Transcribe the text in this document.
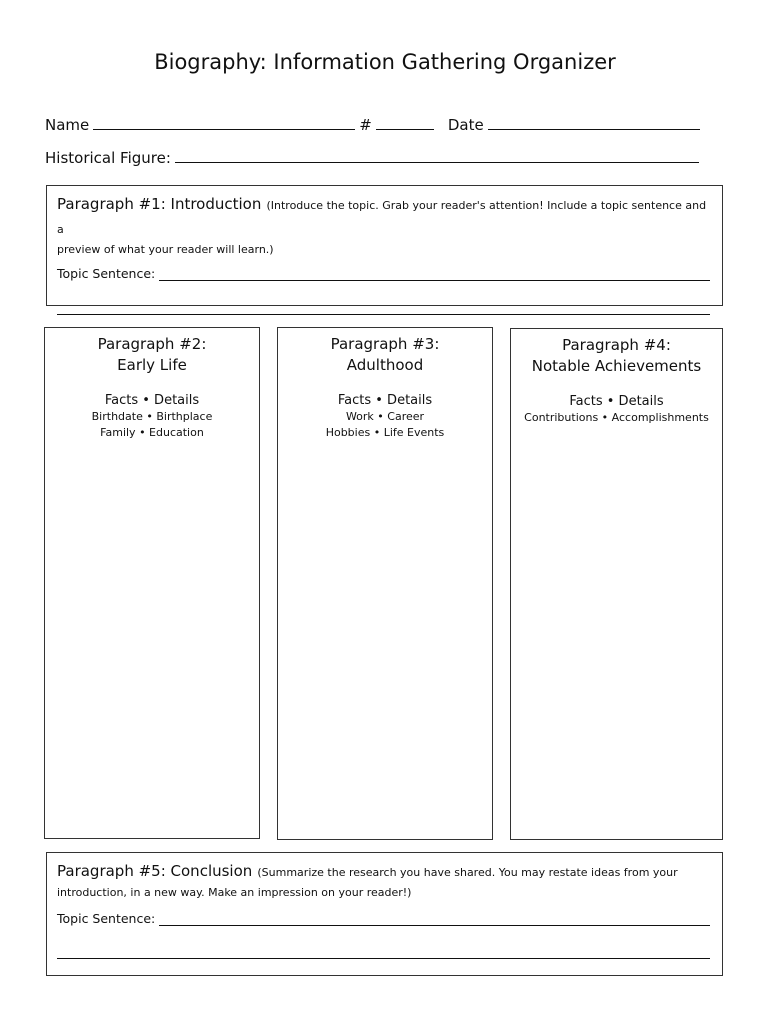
Biography: Information Gathering Organizer
Name	#	Date
Historical Figure:
Paragraph #1: Introduction (Introduce the topic. Grab your reader's attention! Include a topic sentence and a
preview of what your reader will learn.)
Topic Sentence:
Paragraph #2:
Early Life
Facts • Details
Birthdate • Birthplace
Family • Education
Paragraph #3:
Adulthood
Facts • Details
Work • Career
Hobbies • Life Events
Paragraph #4:
Notable Achievements
Facts • Details
Contributions • Accomplishments
Paragraph #5: Conclusion (Summarize the research you have shared. You may restate ideas from your
introduction, in a new way. Make an impression on your reader!)
Topic Sentence:
